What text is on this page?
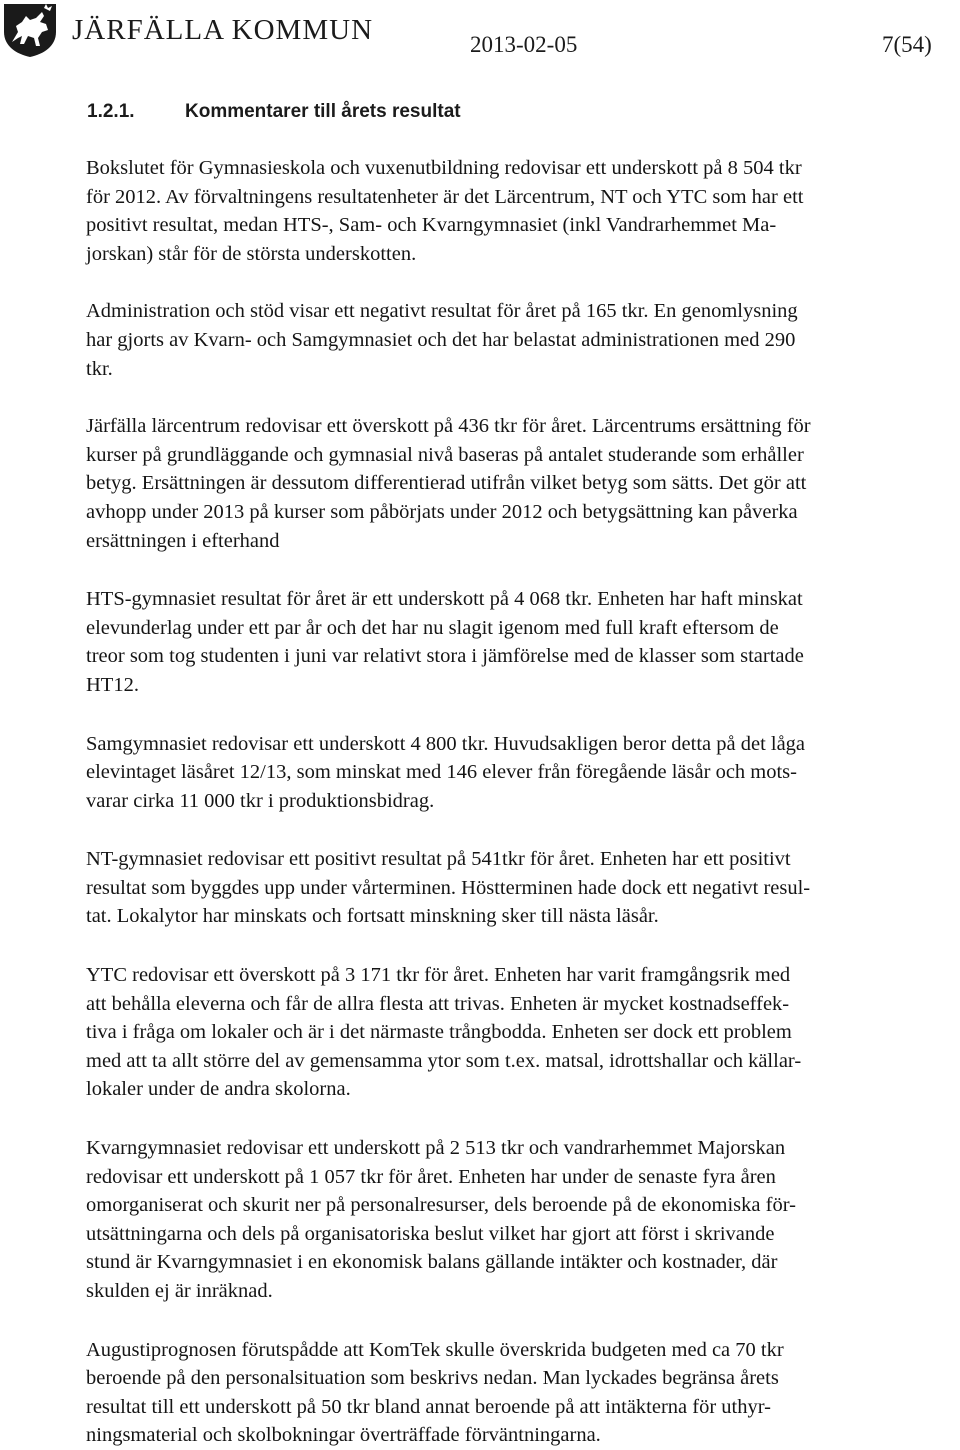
JÄRFÄLLA KOMMUN	2013-02-05	7(54)
1.2.1.	Kommentarer till årets resultat

Bokslutet för Gymnasieskola och vuxenutbildning redovisar ett underskott på 8 504 tkr
för 2012. Av förvaltningens resultatenheter är det Lärcentrum, NT och YTC som har ett
positivt resultat, medan HTS-, Sam- och Kvarngymnasiet (inkl Vandrarhemmet Ma-
jorskan) står för de största underskotten.

Administration och stöd visar ett negativt resultat för året på 165 tkr. En genomlysning
har gjorts av Kvarn- och Samgymnasiet och det har belastat administrationen med 290
tkr.

Järfälla lärcentrum redovisar ett överskott på 436 tkr för året. Lärcentrums ersättning för
kurser på grundläggande och gymnasial nivå baseras på antalet studerande som erhåller
betyg. Ersättningen är dessutom differentierad utifrån vilket betyg som sätts. Det gör att
avhopp under 2013 på kurser som påbörjats under 2012 och betygsättning kan påverka
ersättningen i efterhand

HTS-gymnasiet resultat för året är ett underskott på 4 068 tkr. Enheten har haft minskat
elevunderlag under ett par år och det har nu slagit igenom med full kraft eftersom de
treor som tog studenten i juni var relativt stora i jämförelse med de klasser som startade
HT12.

Samgymnasiet redovisar ett underskott 4 800 tkr. Huvudsakligen beror detta på det låga
elevintaget läsåret 12/13, som minskat med 146 elever från föregående läsår och mots-
varar cirka 11 000 tkr i produktionsbidrag.

NT-gymnasiet redovisar ett positivt resultat på 541tkr för året. Enheten har ett positivt
resultat som byggdes upp under vårterminen. Höstterminen hade dock ett negativt resul-
tat. Lokalytor har minskats och fortsatt minskning sker till nästa läsår.

YTC redovisar ett överskott på 3 171 tkr för året. Enheten har varit framgångsrik med
att behålla eleverna och får de allra flesta att trivas. Enheten är mycket kostnadseffek-
tiva i fråga om lokaler och är i det närmaste trångbodda. Enheten ser dock ett problem
med att ta allt större del av gemensamma ytor som t.ex. matsal, idrottshallar och källar-
lokaler under de andra skolorna.

Kvarngymnasiet redovisar ett underskott på 2 513 tkr och vandrarhemmet Majorskan
redovisar ett underskott på 1 057 tkr för året. Enheten har under de senaste fyra åren
omorganiserat och skurit ner på personalresurser, dels beroende på de ekonomiska för-
utsättningarna och dels på organisatoriska beslut vilket har gjort att först i skrivande
stund är Kvarngymnasiet i en ekonomisk balans gällande intäkter och kostnader, där
skulden ej är inräknad.

Augustiprognosen förutspådde att KomTek skulle överskrida budgeten med ca 70 tkr
beroende på den personalsituation som beskrivs nedan. Man lyckades begränsa årets
resultat till ett underskott på 50 tkr bland annat beroende på att intäkterna för uthyr-
ningsmaterial och skolbokningar överträffade förväntningarna.
